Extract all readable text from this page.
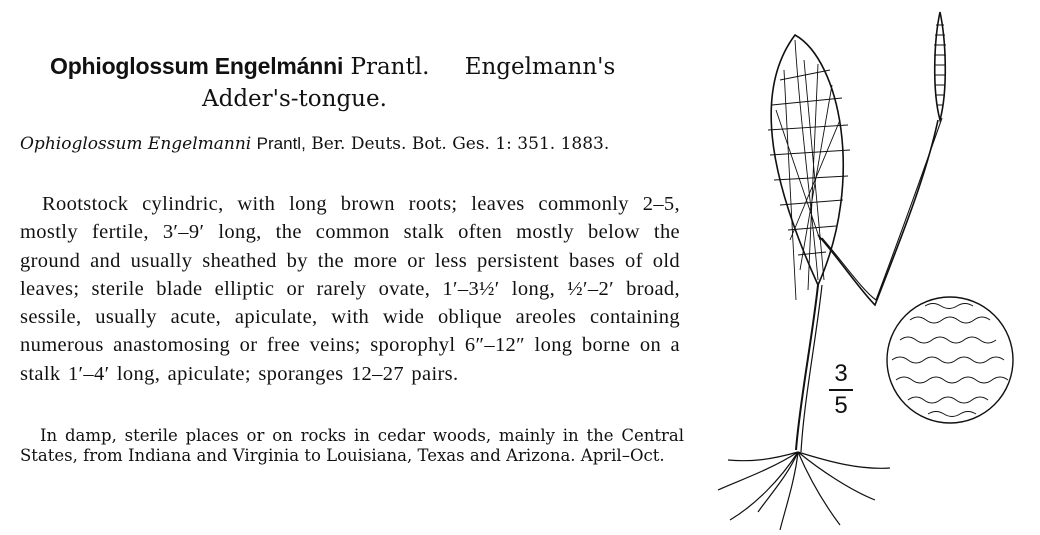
Ophioglossum Engelmánni Prantl. Engelmann's
Adder's-tongue.
Ophioglossum Engelmanni Prantl, Ber. Deuts. Bot. Ges. 1: 351. 1883.
Rootstock cylindric, with long brown roots; leaves commonly 2–5, mostly fertile, 3′–9′ long, the common stalk often mostly below the ground and usually sheathed by the more or less persistent bases of old leaves; sterile blade elliptic or rarely ovate, 1′–3½′ long, ½′–2′ broad, sessile, usually acute, apiculate, with wide oblique areoles containing numerous anastomosing or free veins; sporophyl 6″–12″ long borne on a stalk 1′–4′ long, apiculate; sporanges 12–27 pairs.
In damp, sterile places or on rocks in cedar woods, mainly in the Central States, from Indiana and Virginia to Louisiana, Texas and Arizona. April–Oct.
3
5
